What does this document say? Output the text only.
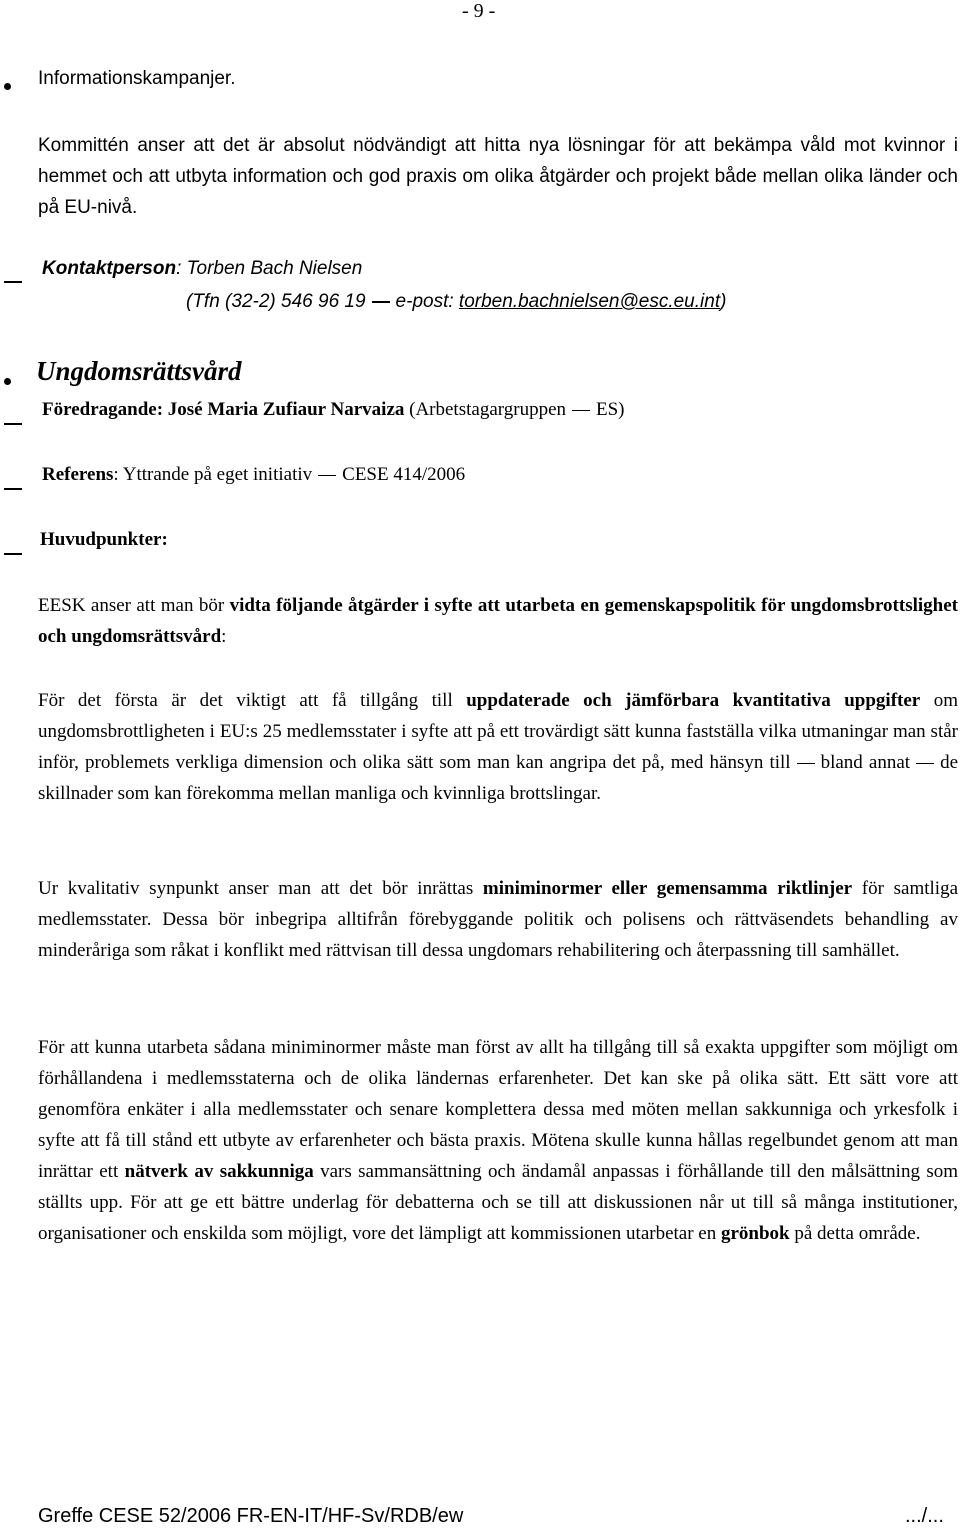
- 9 -
Informationskampanjer.
Kommittén anser att det är absolut nödvändigt att hitta nya lösningar för att bekämpa våld mot kvinnor i hemmet och att utbyta information och god praxis om olika åtgärder och projekt både mellan olika länder och på EU-nivå.
Kontaktperson: Torben Bach Nielsen
(Tfn (32-2) 546 96 19 e-post: torben.bachnielsen@esc.eu.int)
Ungdomsrättsvård
Föredragande: José Maria Zufiaur Narvaiza (Arbetstagargruppen ES)
Referens: Yttrande på eget initiativ CESE 414/2006
Huvudpunkter:
EESK anser att man bör vidta följande åtgärder i syfte att utarbeta en gemenskapspolitik för ungdomsbrottslighet och ungdomsrättsvård:
För det första är det viktigt att få tillgång till uppdaterade och jämförbara kvantitativa uppgifter om ungdomsbrottligheten i EU:s 25 medlemsstater i syfte att på ett trovärdigt sätt kunna fastställa vilka utmaningar man står inför, problemets verkliga dimension och olika sätt som man kan angripa det på, med hänsyn till bland annat de skillnader som kan förekomma mellan manliga och kvinnliga brottslingar.
Ur kvalitativ synpunkt anser man att det bör inrättas miniminormer eller gemensamma riktlinjer för samtliga medlemsstater. Dessa bör inbegripa alltifrån förebyggande politik och polisens och rättväsendets behandling av minderåriga som råkat i konflikt med rättvisan till dessa ungdomars rehabilitering och återpassning till samhället.
För att kunna utarbeta sådana miniminormer måste man först av allt ha tillgång till så exakta uppgifter som möjligt om förhållandena i medlemsstaterna och de olika ländernas erfarenheter. Det kan ske på olika sätt. Ett sätt vore att genomföra enkäter i alla medlemsstater och senare komplettera dessa med möten mellan sakkunniga och yrkesfolk i syfte att få till stånd ett utbyte av erfarenheter och bästa praxis. Mötena skulle kunna hållas regelbundet genom att man inrättar ett nätverk av sakkunniga vars sammansättning och ändamål anpassas i förhållande till den målsättning som ställts upp. För att ge ett bättre underlag för debatterna och se till att diskussionen når ut till så många institutioner, organisationer och enskilda som möjligt, vore det lämpligt att kommissionen utarbetar en grönbok på detta område.
Greffe CESE 52/2006 FR-EN-IT/HF-Sv/RDB/ew	.../...
